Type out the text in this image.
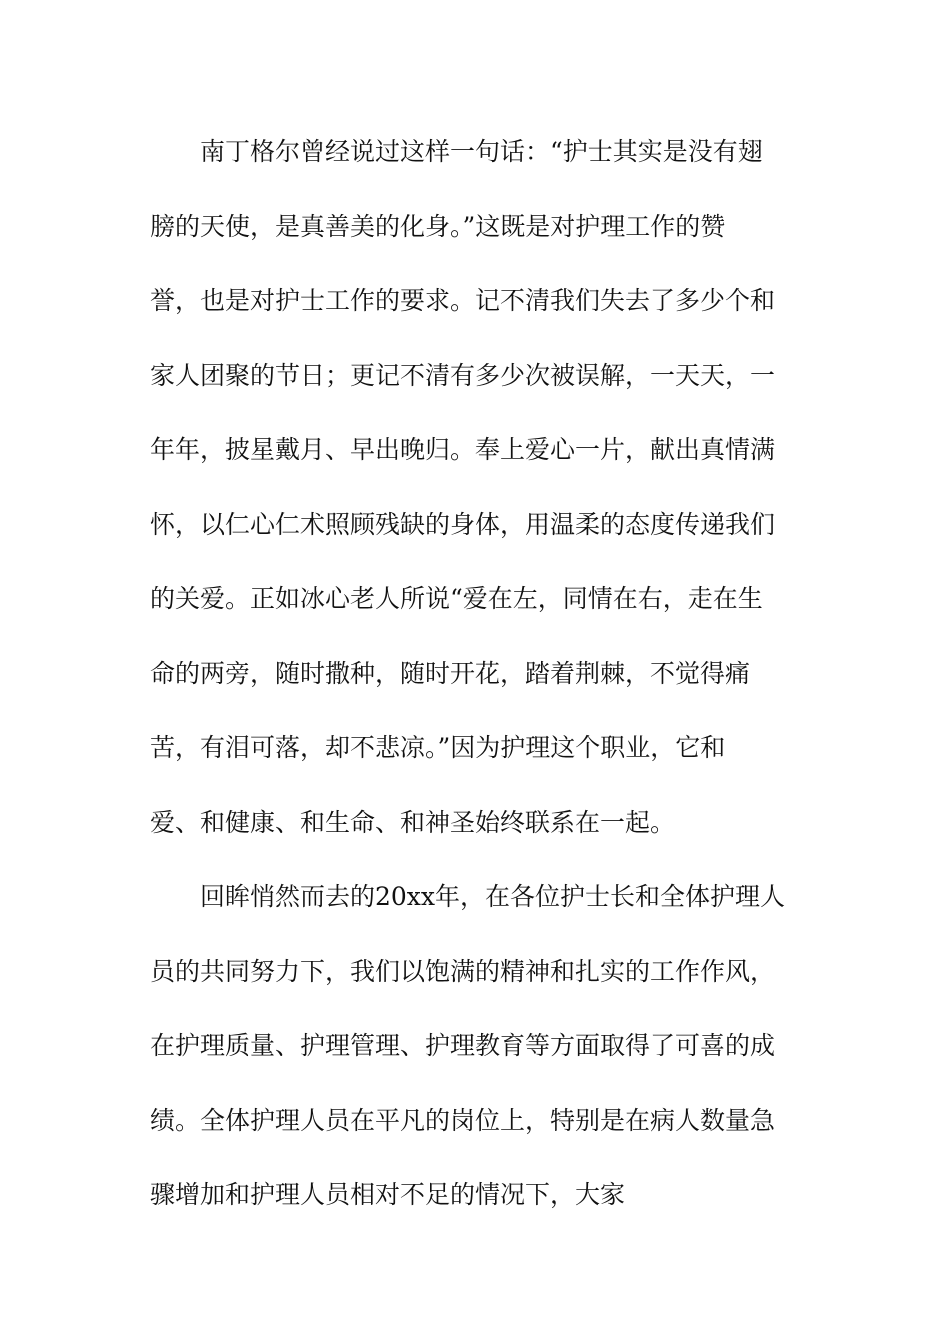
南丁格尔曾经说过这样一句话：“护士其实是没有翅

膀的天使，是真善美的化身。”这既是对护理工作的赞

誉，也是对护士工作的要求。记不清我们失去了多少个和

家人团聚的节日；更记不清有多少次被误解，一天天，一

年年，披星戴月、早出晚归。奉上爱心一片，献出真情满

怀，以仁心仁术照顾残缺的身体，用温柔的态度传递我们

的关爱。正如冰心老人所说“爱在左，同情在右，走在生

命的两旁，随时撒种，随时开花，踏着荆棘，不觉得痛

苦，有泪可落，却不悲凉。”因为护理这个职业，它和

爱、和健康、和生命、和神圣始终联系在一起。

回眸悄然而去的20xx年，在各位护士长和全体护理人

员的共同努力下，我们以饱满的精神和扎实的工作作风，

在护理质量、护理管理、护理教育等方面取得了可喜的成

绩。全体护理人员在平凡的岗位上，特别是在病人数量急

骤增加和护理人员相对不足的情况下，大家
